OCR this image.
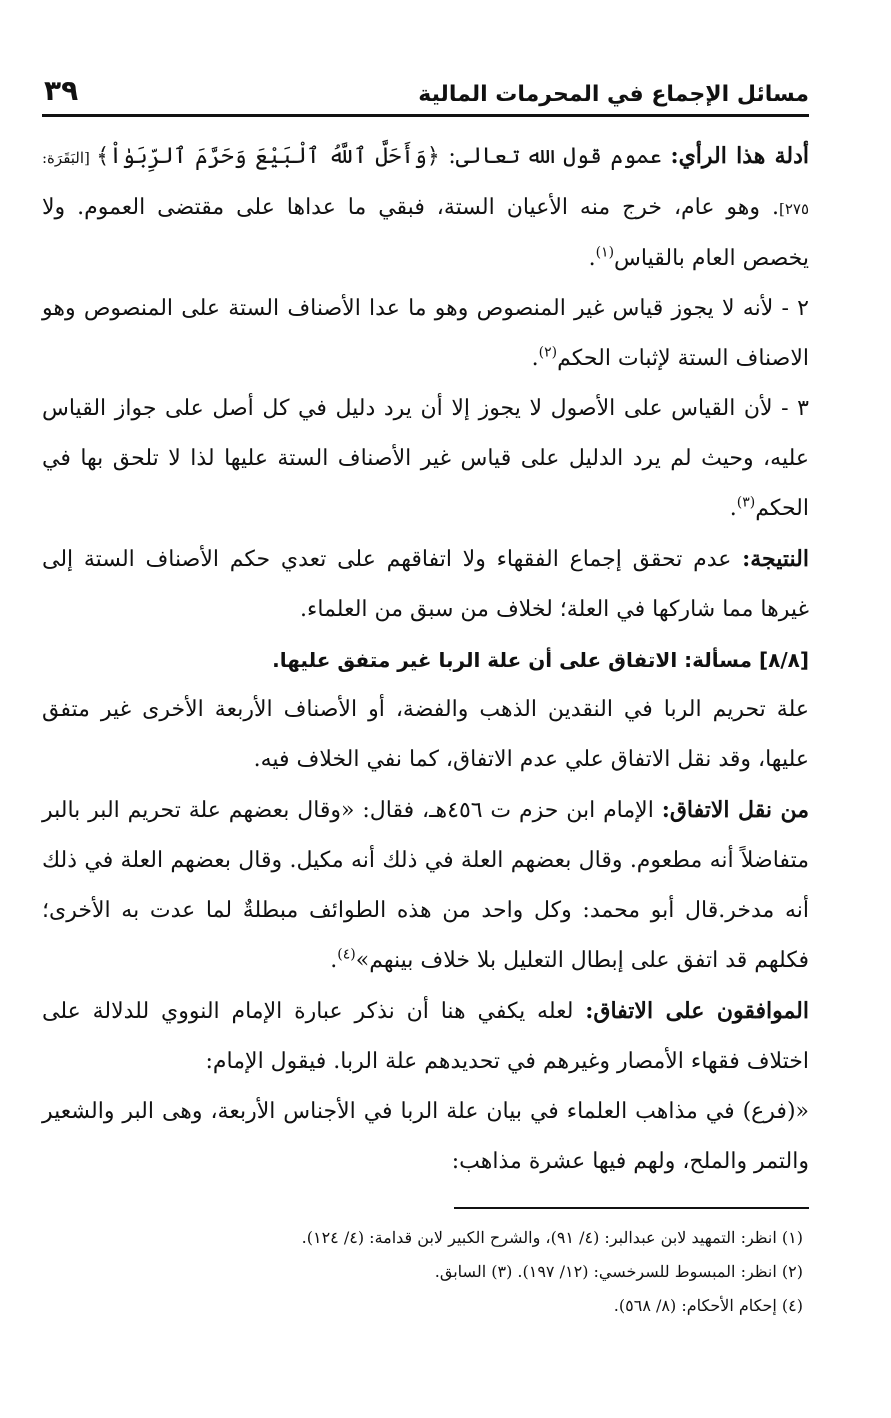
مسائل الإجماع في المحرمات المالية
٣٩

أدلة هذا الرأي: عموم قول الله تعالى: ﴿وَأَحَلَّ ٱللَّهُ ٱلْبَيْعَ وَحَرَّمَ ٱلرِّبَوٰاْ﴾ [البَقَرَة: ٢٧٥]. وهو عام، خرج منه الأعيان الستة، فبقي ما عداها على مقتضى العموم. ولا يخصص العام بالقياس$^{(١)}$.

٢ - لأنه لا يجوز قياس غير المنصوص وهو ما عدا الأصناف الستة على المنصوص وهو الاصناف الستة لإثبات الحكم$^{(٢)}$.

٣ - لأن القياس على الأصول لا يجوز إلا أن يرد دليل في كل أصل على جواز القياس عليه، وحيث لم يرد الدليل على قياس غير الأصناف الستة عليها لذا لا تلحق بها في الحكم$^{(٣)}$.

النتيجة: عدم تحقق إجماع الفقهاء ولا اتفاقهم على تعدي حكم الأصناف الستة إلى غيرها مما شاركها في العلة؛ لخلاف من سبق من العلماء.

[٨/٨] مسألة: الاتفاق على أن علة الربا غير متفق عليها.

علة تحريم الربا في النقدين الذهب والفضة، أو الأصناف الأربعة الأخرى غير متفق عليها، وقد نقل الاتفاق علي عدم الاتفاق، كما نفي الخلاف فيه.

من نقل الاتفاق: الإمام ابن حزم ت ٤٥٦هـ، فقال: «وقال بعضهم علة تحريم البر بالبر متفاضلاً أنه مطعوم. وقال بعضهم العلة في ذلك أنه مكيل. وقال بعضهم العلة في ذلك أنه مدخر.قال أبو محمد: وكل واحد من هذه الطوائف مبطلةٌ لما عدت به الأخرى؛ فكلهم قد اتفق على إبطال التعليل بلا خلاف بينهم»$^{(٤)}$.

الموافقون على الاتفاق: لعله يكفي هنا أن نذكر عبارة الإمام النووي للدلالة على اختلاف فقهاء الأمصار وغيرهم في تحديدهم علة الربا. فيقول الإمام:

«(فرع) في مذاهب العلماء في بيان علة الربا في الأجناس الأربعة، وهى البر والشعير والتمر والملح، ولهم فيها عشرة مذاهب:

(١) انظر: التمهيد لابن عبدالبر: (٤/ ٩١)، والشرح الكبير لابن قدامة: (٤/ ١٢٤).

(٢) انظر: المبسوط للسرخسي: (١٢/ ١٩٧). (٣) السابق.

(٤) إحكام الأحكام: (٨/ ٥٦٨).
